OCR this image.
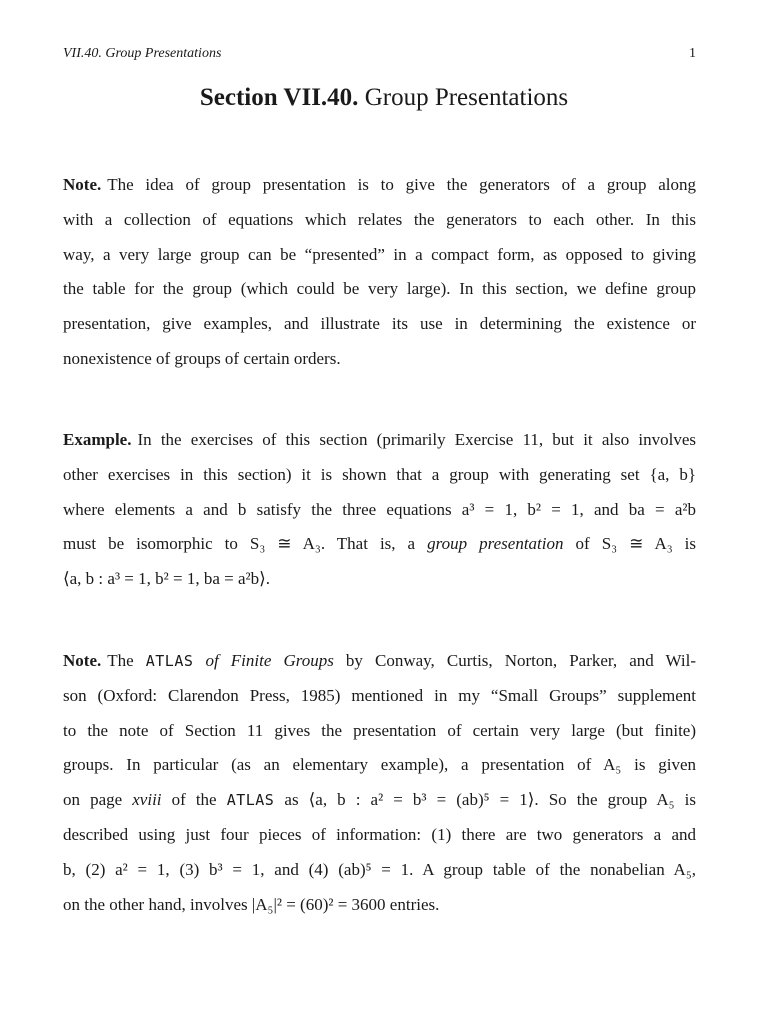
VII.40. Group Presentations	1
Section VII.40. Group Presentations
Note. The idea of group presentation is to give the generators of a group along
with a collection of equations which relates the generators to each other. In this
way, a very large group can be “presented” in a compact form, as opposed to giving
the table for the group (which could be very large). In this section, we define group
presentation, give examples, and illustrate its use in determining the existence or
nonexistence of groups of certain orders.
Example. In the exercises of this section (primarily Exercise 11, but it also involves
other exercises in this section) it is shown that a group with generating set {a, b}
where elements a and b satisfy the three equations a³ = 1, b² = 1, and ba = a²b
must be isomorphic to S₃ ≅ A₃. That is, a group presentation of S₃ ≅ A₃ is
⟨a, b : a³ = 1, b² = 1, ba = a²b⟩.
Note. The ATLAS of Finite Groups by Conway, Curtis, Norton, Parker, and Wil-
son (Oxford: Clarendon Press, 1985) mentioned in my “Small Groups” supplement
to the note of Section 11 gives the presentation of certain very large (but finite)
groups. In particular (as an elementary example), a presentation of A₅ is given
on page xviii of the ATLAS as ⟨a, b : a² = b³ = (ab)⁵ = 1⟩. So the group A₅ is
described using just four pieces of information: (1) there are two generators a and
b, (2) a² = 1, (3) b³ = 1, and (4) (ab)⁵ = 1. A group table of the nonabelian A₅,
on the other hand, involves |A₅|² = (60)² = 3600 entries.
